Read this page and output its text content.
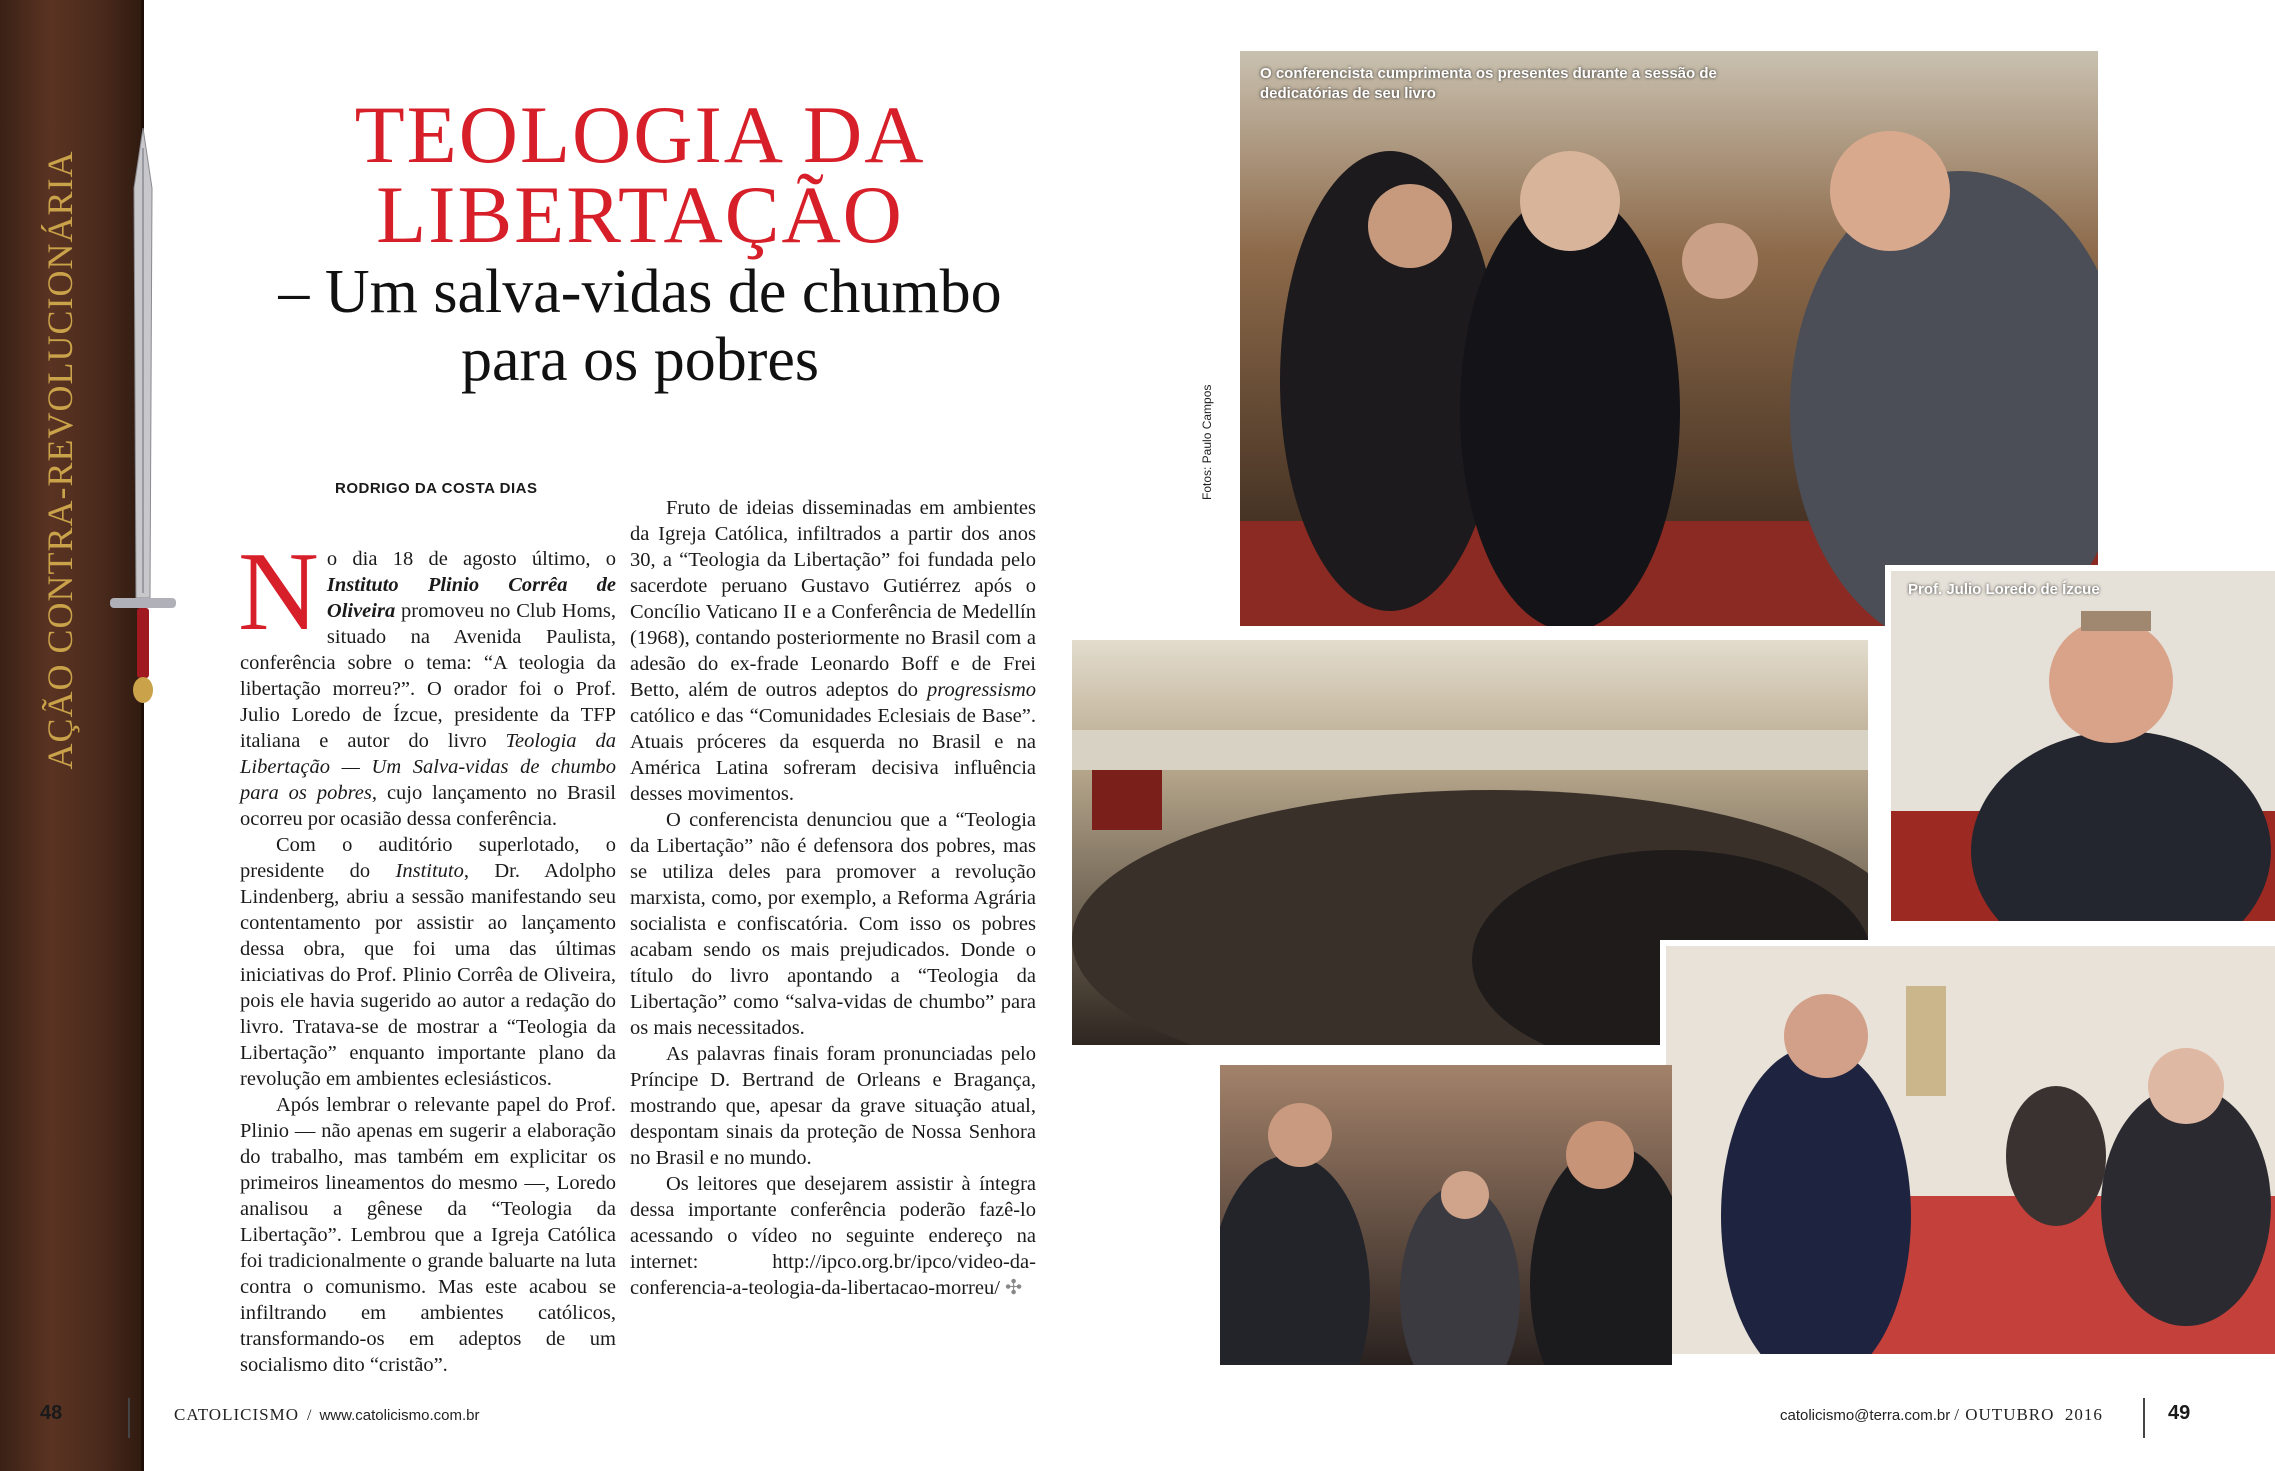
AÇÃO CONTRA-REVOLUCIONÁRIA
TEOLOGIA DA LIBERTAÇÃO
– Um salva-vidas de chumbo para os pobres
RODRIGO DA COSTA DIAS

No dia 18 de agosto último, o Instituto Plinio Corrêa de Oliveira promoveu no Club Homs, situado na Avenida Paulista, conferência sobre o tema: “A teologia da libertação morreu?”. O orador foi o Prof. Julio Loredo de Ízcue, presidente da TFP italiana e autor do livro Teologia da Libertação — Um Salva-vidas de chumbo para os pobres, cujo lançamento no Brasil ocorreu por ocasião dessa conferência.

Com o auditório superlotado, o presidente do Instituto, Dr. Adolpho Lindenberg, abriu a sessão manifestando seu contentamento por assistir ao lançamento dessa obra, que foi uma das últimas iniciativas do Prof. Plinio Corrêa de Oliveira, pois ele havia sugerido ao autor a redação do livro. Tratava-se de mostrar a “Teologia da Libertação” enquanto importante plano da revolução em ambientes eclesiásticos.

Após lembrar o relevante papel do Prof. Plinio — não apenas em sugerir a elaboração do trabalho, mas também em explicitar os primeiros lineamentos do mesmo —, Loredo analisou a gênese da “Teologia da Libertação”. Lembrou que a Igreja Católica foi tradicionalmente o grande baluarte na luta contra o comunismo. Mas este acabou se infiltrando em ambientes católicos, transformando-os em adeptos de um socialismo dito “cristão”.

Fruto de ideias disseminadas em ambientes da Igreja Católica, infiltrados a partir dos anos 30, a “Teologia da Libertação” foi fundada pelo sacerdote peruano Gustavo Gutiérrez após o Concílio Vaticano II e a Conferência de Medellín (1968), contando posteriormente no Brasil com a adesão do ex-frade Leonardo Boff e de Frei Betto, além de outros adeptos do progressismo católico e das “Comunidades Eclesiais de Base”. Atuais próceres da esquerda no Brasil e na América Latina sofreram decisiva influência desses movimentos.

O conferencista denunciou que a “Teologia da Libertação” não é defensora dos pobres, mas se utiliza deles para promover a revolução marxista, como, por exemplo, a Reforma Agrária socialista e confiscatória. Com isso os pobres acabam sendo os mais prejudicados. Donde o título do livro apontando a “Teologia da Libertação” como “salva-vidas de chumbo” para os mais necessitados.

As palavras finais foram pronunciadas pelo Príncipe D. Bertrand de Orleans e Bragança, mostrando que, apesar da grave situação atual, despontam sinais da proteção de Nossa Senhora no Brasil e no mundo.

Os leitores que desejarem assistir à íntegra dessa importante conferência poderão fazê-lo acessando o vídeo no seguinte endereço na internet: http://ipco.org.br/ipco/video-da-conferencia-a-teologia-da-libertacao-morreu/ ✣

O conferencista cumprimenta os presentes durante a sessão de dedicatórias de seu livro
Fotos: Paulo Campos
Prof. Julio Loredo de Ízcue
48	CATOLICISMO / www.catolicismo.com.br	catolicismo@terra.com.br / OUTUBRO  2016	49
